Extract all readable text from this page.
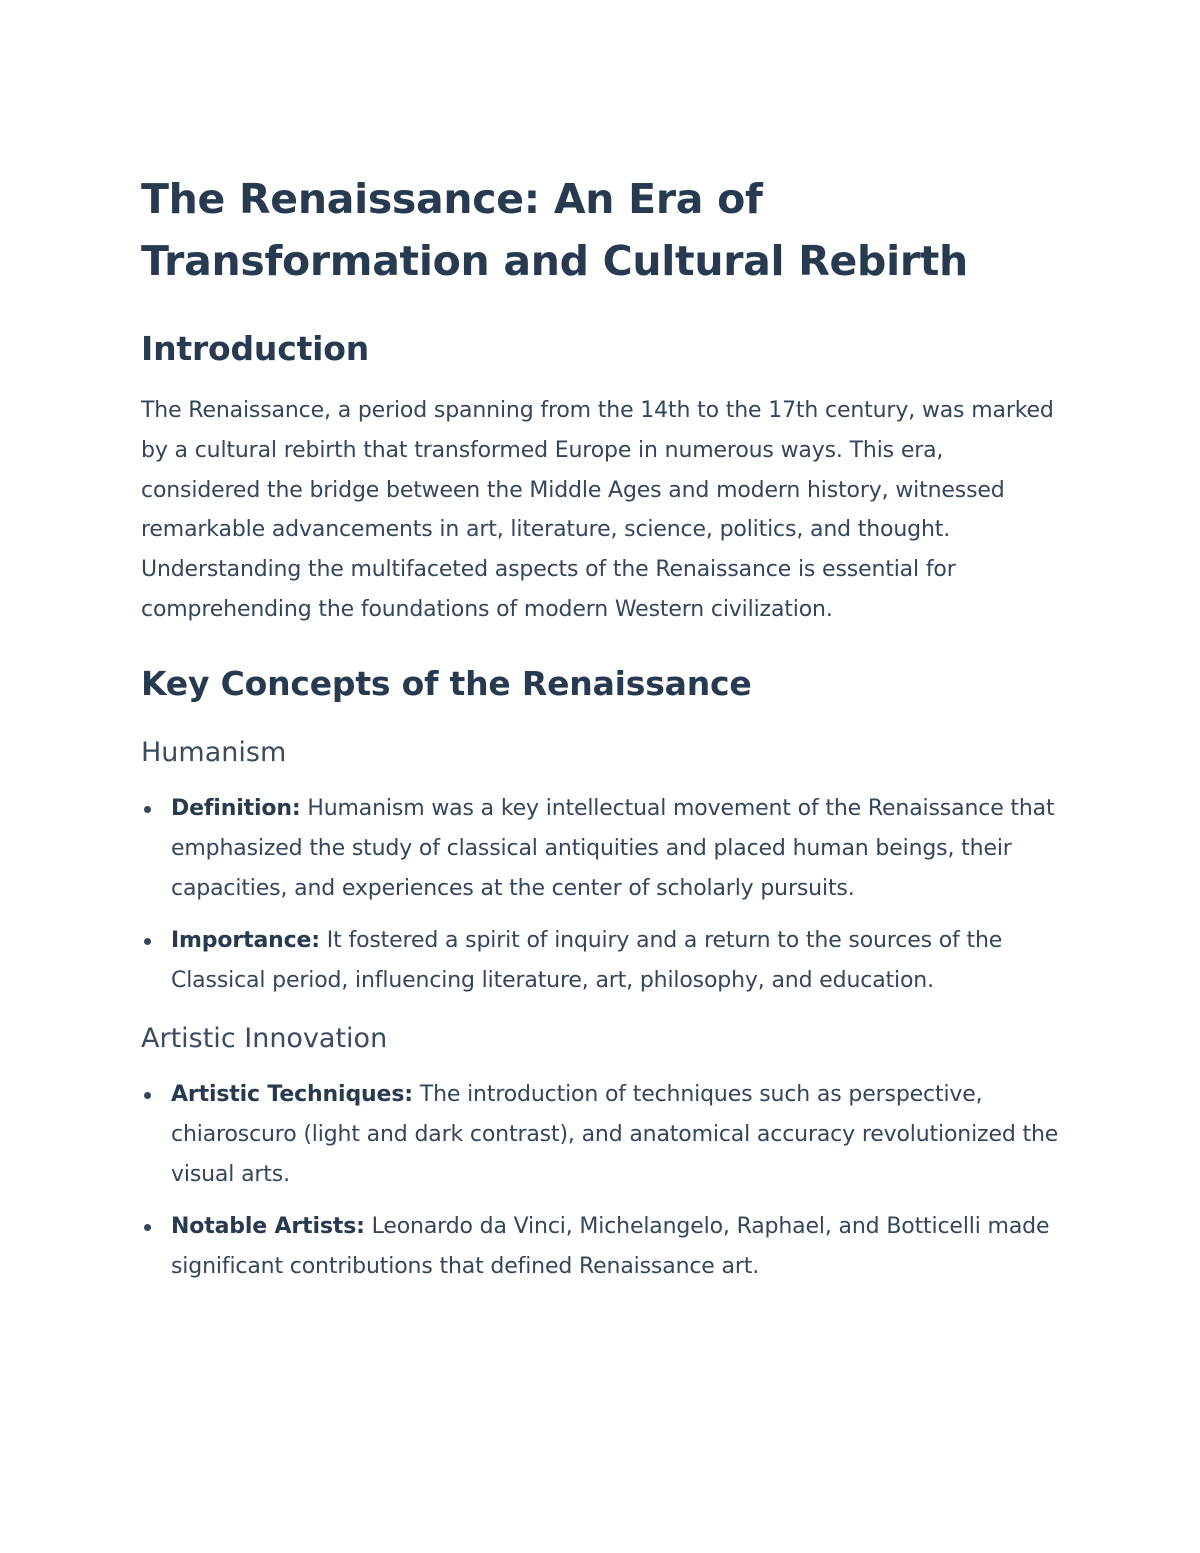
The Renaissance: An Era of Transformation and Cultural Rebirth
Introduction

The Renaissance, a period spanning from the 14th to the 17th century, was marked by a cultural rebirth that transformed Europe in numerous ways. This era, considered the bridge between the Middle Ages and modern history, witnessed remarkable advancements in art, literature, science, politics, and thought. Understanding the multifaceted aspects of the Renaissance is essential for comprehending the foundations of modern Western civilization.

Key Concepts of the Renaissance
Humanism
Definition: Humanism was a key intellectual movement of the Renaissance that emphasized the study of classical antiquities and placed human beings, their capacities, and experiences at the center of scholarly pursuits.
Importance: It fostered a spirit of inquiry and a return to the sources of the Classical period, influencing literature, art, philosophy, and education.
Artistic Innovation
Artistic Techniques: The introduction of techniques such as perspective, chiaroscuro (light and dark contrast), and anatomical accuracy revolutionized the visual arts.
Notable Artists: Leonardo da Vinci, Michelangelo, Raphael, and Botticelli made significant contributions that defined Renaissance art.
